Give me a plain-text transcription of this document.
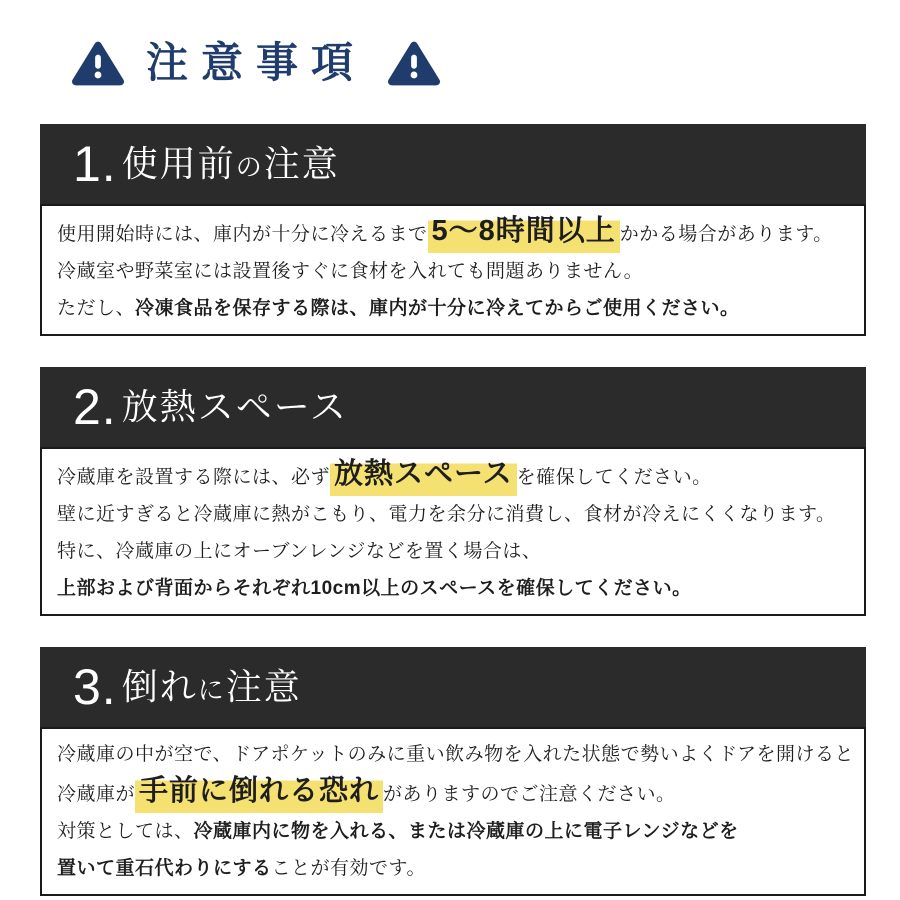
注意事項
1. 使用前の注意

使用開始時には、庫内が十分に冷えるまで 5〜8時間以上 かかる場合があります。

冷蔵室や野菜室には設置後すぐに食材を入れても問題ありません。

ただし、冷凍食品を保存する際は、庫内が十分に冷えてからご使用ください。

2. 放熱スペース

冷蔵庫を設置する際には、必ず 放熱スペース を確保してください。

壁に近すぎると冷蔵庫に熱がこもり、電力を余分に消費し、食材が冷えにくくなります。

特に、冷蔵庫の上にオーブンレンジなどを置く場合は、

上部および背面からそれぞれ10cm以上のスペースを確保してください。

3. 倒れに注意

冷蔵庫の中が空で、ドアポケットのみに重い飲み物を入れた状態で勢いよくドアを開けると

冷蔵庫が 手前に倒れる恐れ がありますのでご注意ください。

対策としては、冷蔵庫内に物を入れる、または冷蔵庫の上に電子レンジなどを

置いて重石代わりにすることが有効です。
